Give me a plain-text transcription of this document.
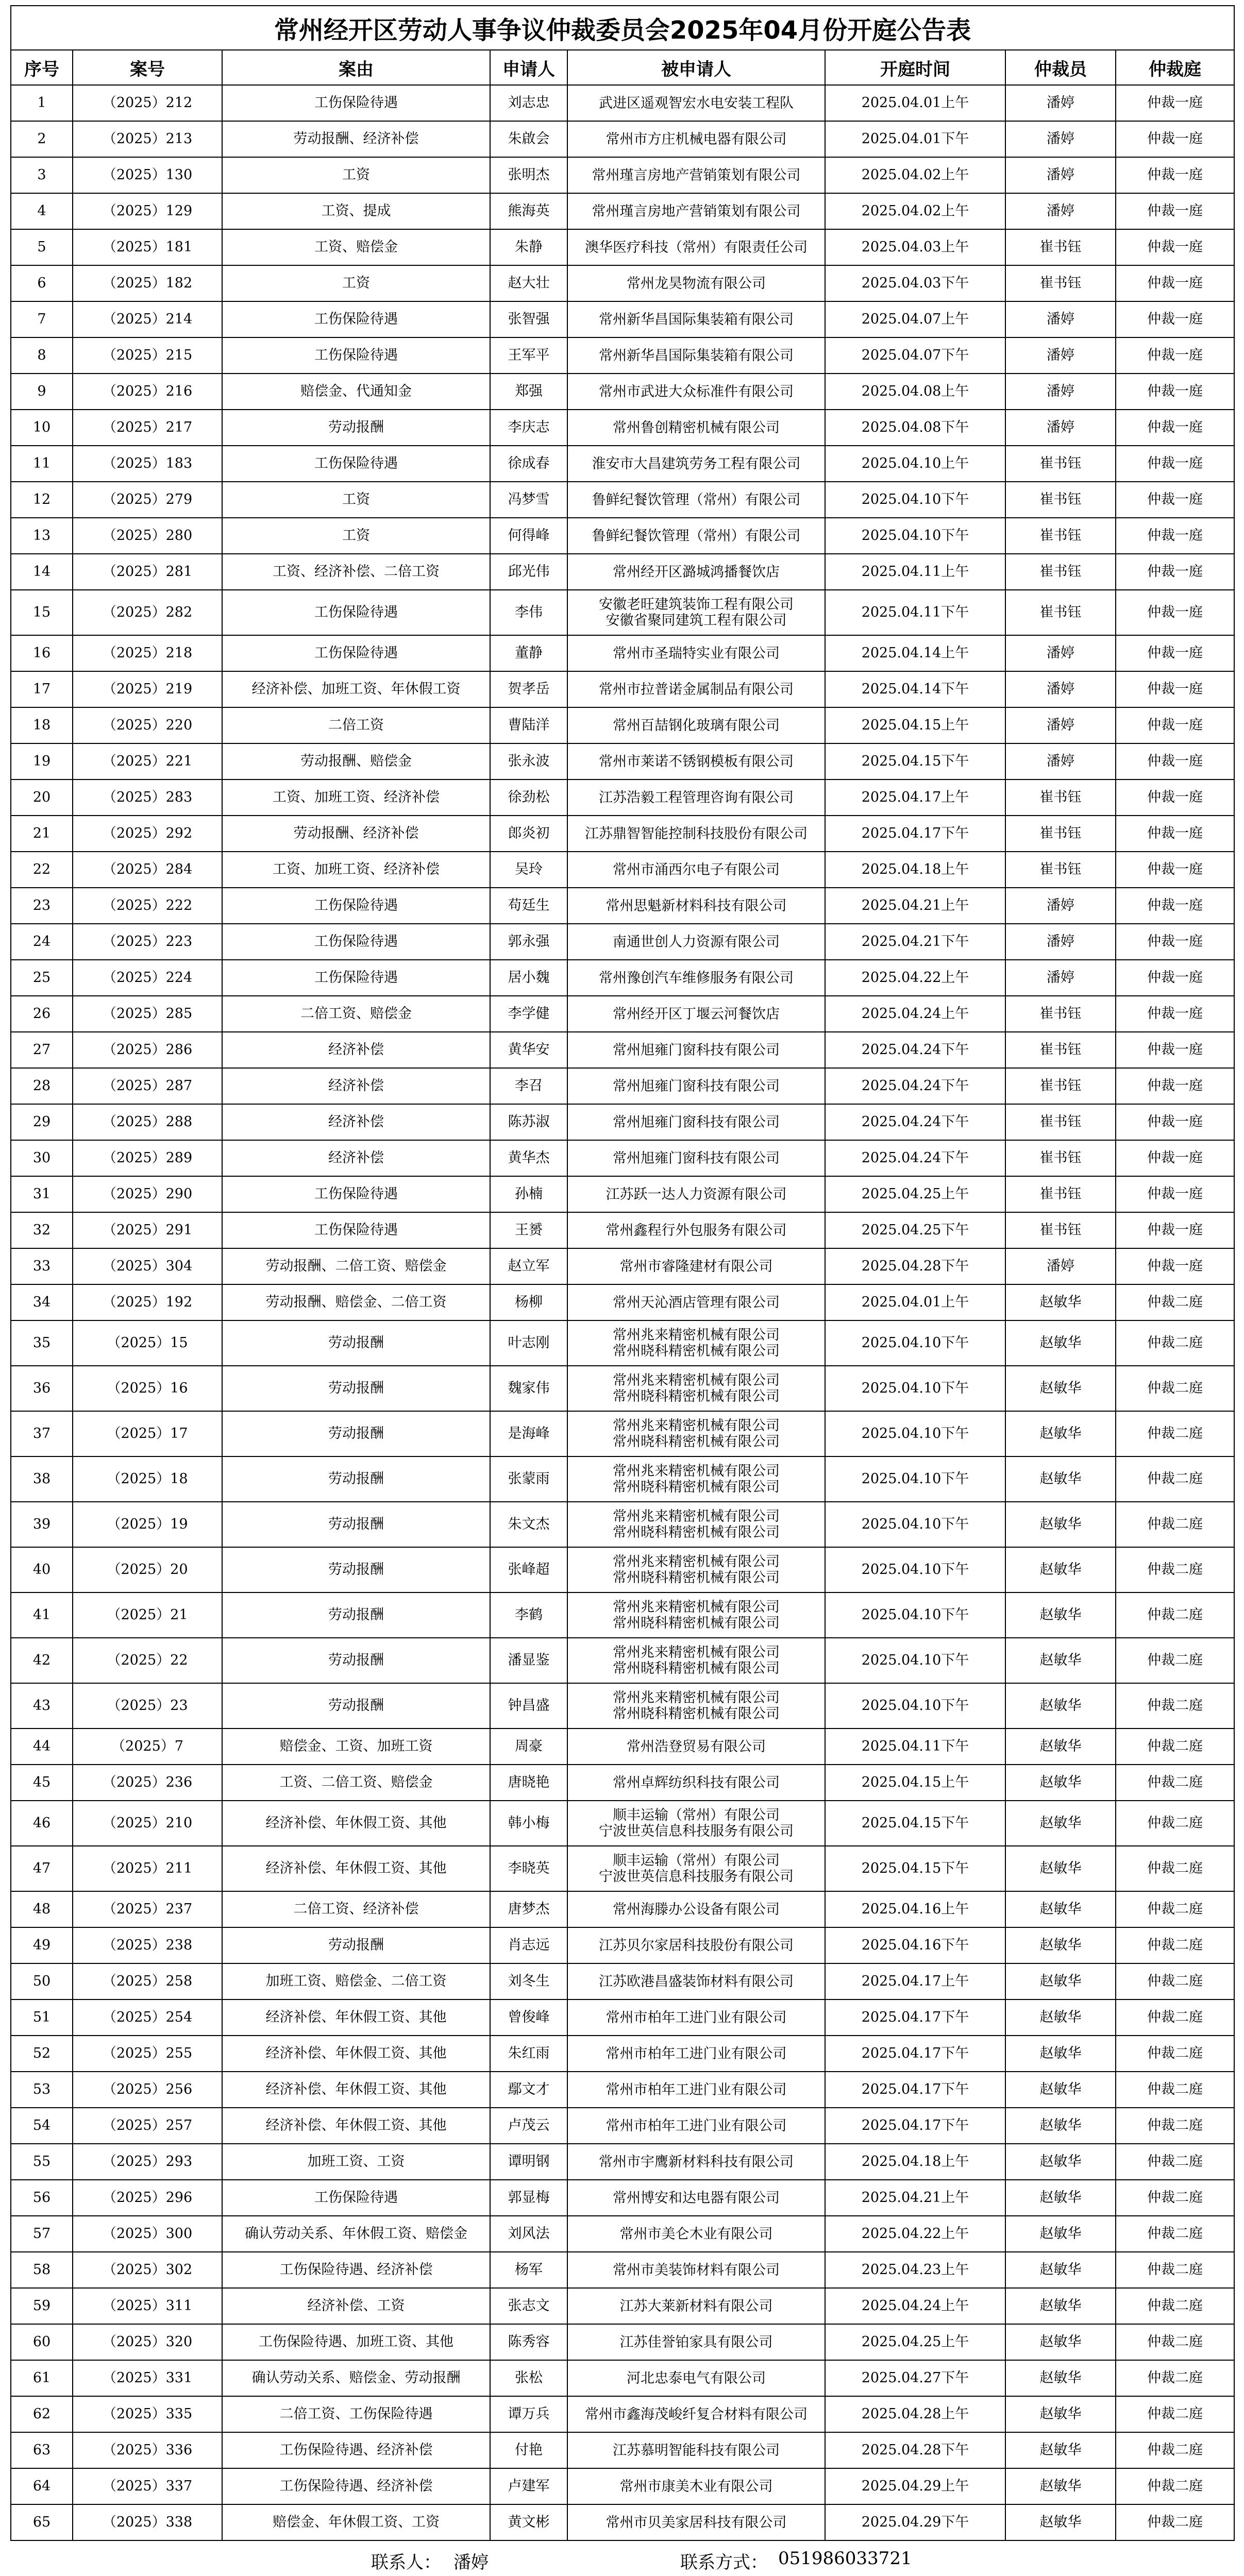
常州经开区劳动人事争议仲裁委员会2025年04月份开庭公告表							
序号	案号	案由	申请人	被申请人	开庭时间	仲裁员	仲裁庭
1	（2025）212	工伤保险待遇	刘志忠	武进区遥观智宏水电安装工程队	2025.04.01上午	潘婷	仲裁一庭
2	（2025）213	劳动报酬、经济补偿	朱啟会	常州市方庄机械电器有限公司	2025.04.01下午	潘婷	仲裁一庭
3	（2025）130	工资	张明杰	常州瑾言房地产营销策划有限公司	2025.04.02上午	潘婷	仲裁一庭
4	（2025）129	工资、提成	熊海英	常州瑾言房地产营销策划有限公司	2025.04.02上午	潘婷	仲裁一庭
5	（2025）181	工资、赔偿金	朱静	澳华医疗科技（常州）有限责任公司	2025.04.03上午	崔书钰	仲裁一庭
6	（2025）182	工资	赵大壮	常州龙昊物流有限公司	2025.04.03下午	崔书钰	仲裁一庭
7	（2025）214	工伤保险待遇	张智强	常州新华昌国际集装箱有限公司	2025.04.07上午	潘婷	仲裁一庭
8	（2025）215	工伤保险待遇	王军平	常州新华昌国际集装箱有限公司	2025.04.07下午	潘婷	仲裁一庭
9	（2025）216	赔偿金、代通知金	郑强	常州市武进大众标准件有限公司	2025.04.08上午	潘婷	仲裁一庭
10	（2025）217	劳动报酬	李庆志	常州鲁创精密机械有限公司	2025.04.08下午	潘婷	仲裁一庭
11	（2025）183	工伤保险待遇	徐成春	淮安市大昌建筑劳务工程有限公司	2025.04.10上午	崔书钰	仲裁一庭
12	（2025）279	工资	冯梦雪	鲁鲜纪餐饮管理（常州）有限公司	2025.04.10下午	崔书钰	仲裁一庭
13	（2025）280	工资	何得峰	鲁鲜纪餐饮管理（常州）有限公司	2025.04.10下午	崔书钰	仲裁一庭
14	（2025）281	工资、经济补偿、二倍工资	邱光伟	常州经开区潞城鸿播餐饮店	2025.04.11上午	崔书钰	仲裁一庭
15	（2025）282	工伤保险待遇	李伟	安徽老旺建筑装饰工程有限公司
安徽省聚同建筑工程有限公司	2025.04.11下午	崔书钰	仲裁一庭
16	（2025）218	工伤保险待遇	董静	常州市圣瑞特实业有限公司	2025.04.14上午	潘婷	仲裁一庭
17	（2025）219	经济补偿、加班工资、年休假工资	贺孝岳	常州市拉普诺金属制品有限公司	2025.04.14下午	潘婷	仲裁一庭
18	（2025）220	二倍工资	曹陆洋	常州百喆钢化玻璃有限公司	2025.04.15上午	潘婷	仲裁一庭
19	（2025）221	劳动报酬、赔偿金	张永波	常州市莱诺不锈钢模板有限公司	2025.04.15下午	潘婷	仲裁一庭
20	（2025）283	工资、加班工资、经济补偿	徐劲松	江苏浩毅工程管理咨询有限公司	2025.04.17上午	崔书钰	仲裁一庭
21	（2025）292	劳动报酬、经济补偿	郎炎初	江苏鼎智智能控制科技股份有限公司	2025.04.17下午	崔书钰	仲裁一庭
22	（2025）284	工资、加班工资、经济补偿	吴玲	常州市涌西尔电子有限公司	2025.04.18上午	崔书钰	仲裁一庭
23	（2025）222	工伤保险待遇	苟廷生	常州思魁新材料科技有限公司	2025.04.21上午	潘婷	仲裁一庭
24	（2025）223	工伤保险待遇	郭永强	南通世创人力资源有限公司	2025.04.21下午	潘婷	仲裁一庭
25	（2025）224	工伤保险待遇	居小魏	常州豫创汽车维修服务有限公司	2025.04.22上午	潘婷	仲裁一庭
26	（2025）285	二倍工资、赔偿金	李学健	常州经开区丁堰云河餐饮店	2025.04.24上午	崔书钰	仲裁一庭
27	（2025）286	经济补偿	黄华安	常州旭雍门窗科技有限公司	2025.04.24下午	崔书钰	仲裁一庭
28	（2025）287	经济补偿	李召	常州旭雍门窗科技有限公司	2025.04.24下午	崔书钰	仲裁一庭
29	（2025）288	经济补偿	陈苏淑	常州旭雍门窗科技有限公司	2025.04.24下午	崔书钰	仲裁一庭
30	（2025）289	经济补偿	黄华杰	常州旭雍门窗科技有限公司	2025.04.24下午	崔书钰	仲裁一庭
31	（2025）290	工伤保险待遇	孙楠	江苏跃一达人力资源有限公司	2025.04.25上午	崔书钰	仲裁一庭
32	（2025）291	工伤保险待遇	王赟	常州鑫程行外包服务有限公司	2025.04.25下午	崔书钰	仲裁一庭
33	（2025）304	劳动报酬、二倍工资、赔偿金	赵立军	常州市睿隆建材有限公司	2025.04.28下午	潘婷	仲裁一庭
34	（2025）192	劳动报酬、赔偿金、二倍工资	杨柳	常州天沁酒店管理有限公司	2025.04.01上午	赵敏华	仲裁二庭
35	（2025）15	劳动报酬	叶志刚	常州兆来精密机械有限公司
常州晓科精密机械有限公司	2025.04.10下午	赵敏华	仲裁二庭
36	（2025）16	劳动报酬	魏家伟	常州兆来精密机械有限公司
常州晓科精密机械有限公司	2025.04.10下午	赵敏华	仲裁二庭
37	（2025）17	劳动报酬	是海峰	常州兆来精密机械有限公司
常州晓科精密机械有限公司	2025.04.10下午	赵敏华	仲裁二庭
38	（2025）18	劳动报酬	张蒙雨	常州兆来精密机械有限公司
常州晓科精密机械有限公司	2025.04.10下午	赵敏华	仲裁二庭
39	（2025）19	劳动报酬	朱文杰	常州兆来精密机械有限公司
常州晓科精密机械有限公司	2025.04.10下午	赵敏华	仲裁二庭
40	（2025）20	劳动报酬	张峰超	常州兆来精密机械有限公司
常州晓科精密机械有限公司	2025.04.10下午	赵敏华	仲裁二庭
41	（2025）21	劳动报酬	李鹤	常州兆来精密机械有限公司
常州晓科精密机械有限公司	2025.04.10下午	赵敏华	仲裁二庭
42	（2025）22	劳动报酬	潘显鉴	常州兆来精密机械有限公司
常州晓科精密机械有限公司	2025.04.10下午	赵敏华	仲裁二庭
43	（2025）23	劳动报酬	钟昌盛	常州兆来精密机械有限公司
常州晓科精密机械有限公司	2025.04.10下午	赵敏华	仲裁二庭
44	（2025）7	赔偿金、工资、加班工资	周豪	常州浩登贸易有限公司	2025.04.11下午	赵敏华	仲裁二庭
45	（2025）236	工资、二倍工资、赔偿金	唐晓艳	常州卓辉纺织科技有限公司	2025.04.15上午	赵敏华	仲裁二庭
46	（2025）210	经济补偿、年休假工资、其他	韩小梅	顺丰运输（常州）有限公司
宁波世英信息科技服务有限公司	2025.04.15下午	赵敏华	仲裁二庭
47	（2025）211	经济补偿、年休假工资、其他	李晓英	顺丰运输（常州）有限公司
宁波世英信息科技服务有限公司	2025.04.15下午	赵敏华	仲裁二庭
48	（2025）237	二倍工资、经济补偿	唐梦杰	常州海滕办公设备有限公司	2025.04.16上午	赵敏华	仲裁二庭
49	（2025）238	劳动报酬	肖志远	江苏贝尔家居科技股份有限公司	2025.04.16下午	赵敏华	仲裁二庭
50	（2025）258	加班工资、赔偿金、二倍工资	刘冬生	江苏欧港昌盛装饰材料有限公司	2025.04.17上午	赵敏华	仲裁二庭
51	（2025）254	经济补偿、年休假工资、其他	曾俊峰	常州市柏年工进门业有限公司	2025.04.17下午	赵敏华	仲裁二庭
52	（2025）255	经济补偿、年休假工资、其他	朱红雨	常州市柏年工进门业有限公司	2025.04.17下午	赵敏华	仲裁二庭
53	（2025）256	经济补偿、年休假工资、其他	鄢文才	常州市柏年工进门业有限公司	2025.04.17下午	赵敏华	仲裁二庭
54	（2025）257	经济补偿、年休假工资、其他	卢茂云	常州市柏年工进门业有限公司	2025.04.17下午	赵敏华	仲裁二庭
55	（2025）293	加班工资、工资	谭明钢	常州市宇鹰新材料科技有限公司	2025.04.18上午	赵敏华	仲裁二庭
56	（2025）296	工伤保险待遇	郭显梅	常州博安和达电器有限公司	2025.04.21上午	赵敏华	仲裁二庭
57	（2025）300	确认劳动关系、年休假工资、赔偿金	刘风法	常州市美仑木业有限公司	2025.04.22上午	赵敏华	仲裁二庭
58	（2025）302	工伤保险待遇、经济补偿	杨军	常州市美装饰材料有限公司	2025.04.23上午	赵敏华	仲裁二庭
59	（2025）311	经济补偿、工资	张志文	江苏大莱新材料有限公司	2025.04.24上午	赵敏华	仲裁二庭
60	（2025）320	工伤保险待遇、加班工资、其他	陈秀容	江苏佳誉铂家具有限公司	2025.04.25上午	赵敏华	仲裁二庭
61	（2025）331	确认劳动关系、赔偿金、劳动报酬	张松	河北忠泰电气有限公司	2025.04.27下午	赵敏华	仲裁二庭
62	（2025）335	二倍工资、工伤保险待遇	谭万兵	常州市鑫海茂峻纤复合材料有限公司	2025.04.28上午	赵敏华	仲裁二庭
63	（2025）336	工伤保险待遇、经济补偿	付艳	江苏慕明智能科技有限公司	2025.04.28下午	赵敏华	仲裁二庭
64	（2025）337	工伤保险待遇、经济补偿	卢建军	常州市康美木业有限公司	2025.04.29上午	赵敏华	仲裁二庭
65	（2025）338	赔偿金、年休假工资、工资	黄文彬	常州市贝美家居科技有限公司	2025.04.29下午	赵敏华	仲裁二庭
联系人： 潘婷	联系方式： 051986033721
